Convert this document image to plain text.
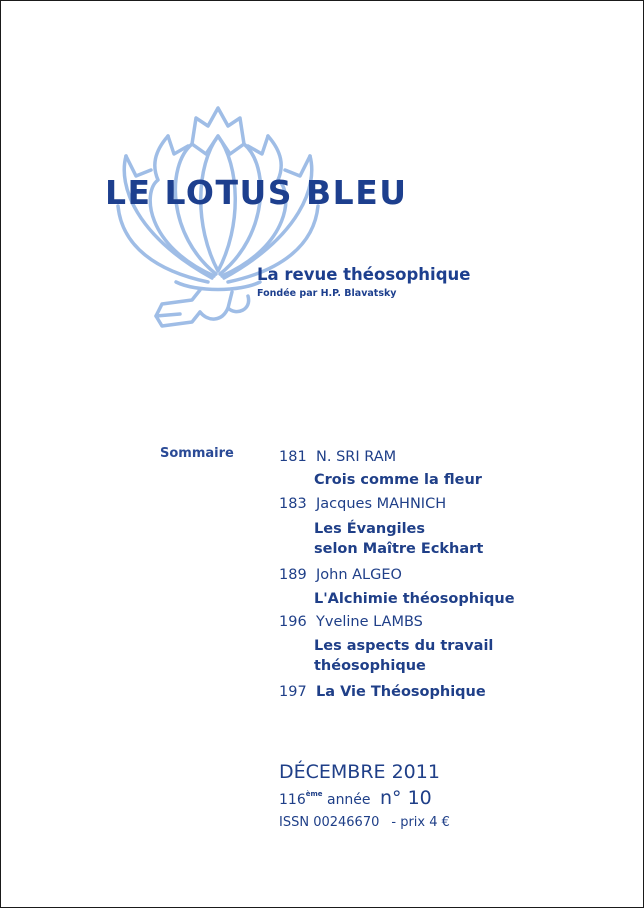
LE LOTUS BLEU
La revue théosophique
Fondée par H.P. Blavatsky
Sommaire	181 N. SRI RAM
Crois comme la fleur
183 Jacques MAHNICH
Les Évangiles
selon Maître Eckhart
189 John ALGEO
L'Alchimie théosophique
196 Yveline LAMBS
Les aspects du travail
théosophique
197 La Vie Théosophique
DÉCEMBRE 2011
116ème année n° 10
ISSN 00246670 - prix 4 €
